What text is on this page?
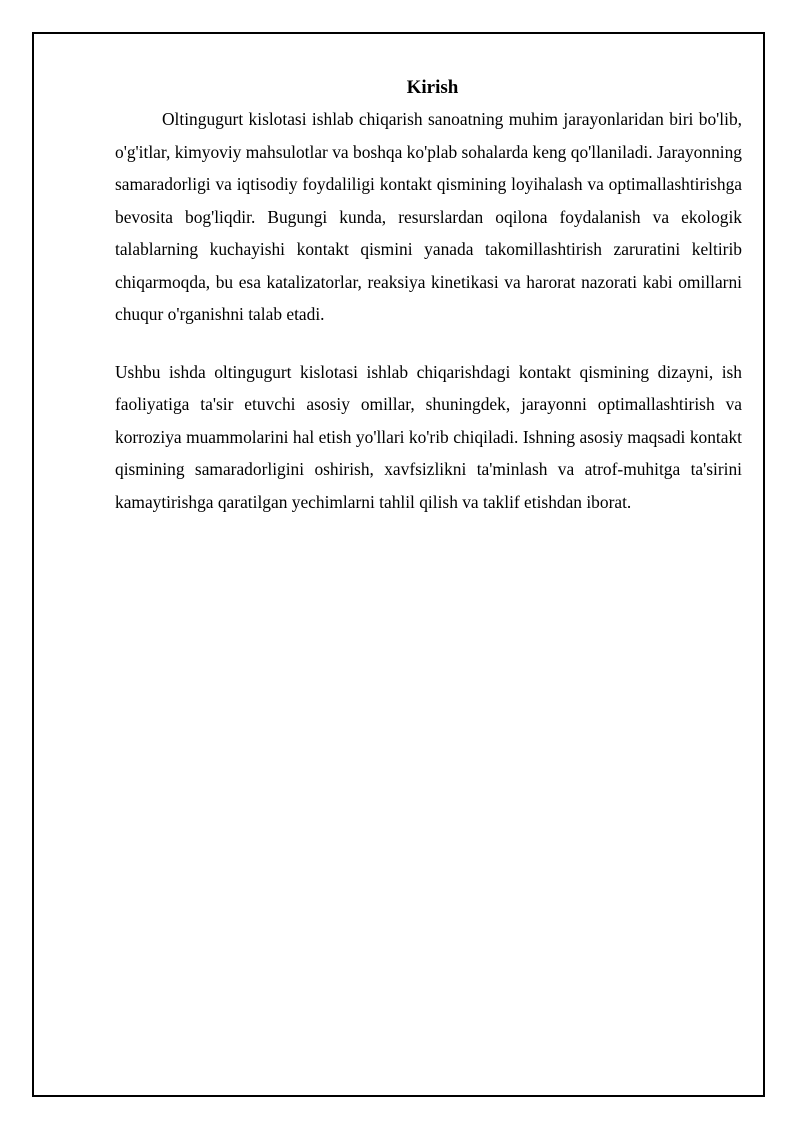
Kirish

Oltingugurt kislotasi ishlab chiqarish sanoatning muhim jarayonlaridan biri bo'lib, o'g'itlar, kimyoviy mahsulotlar va boshqa ko'plab sohalarda keng qo'llaniladi. Jarayonning samaradorligi va iqtisodiy foydaliligi kontakt qismining loyihalash va optimallashtirishga bevosita bog'liqdir. Bugungi kunda, resurslardan oqilona foydalanish va ekologik talablarning kuchayishi kontakt qismini yanada takomillashtirish zaruratini keltirib chiqarmoqda, bu esa katalizatorlar, reaksiya kinetikasi va harorat nazorati kabi omillarni chuqur o'rganishni talab etadi.

Ushbu ishda oltingugurt kislotasi ishlab chiqarishdagi kontakt qismining dizayni, ish faoliyatiga ta'sir etuvchi asosiy omillar, shuningdek, jarayonni optimallashtirish va korroziya muammolarini hal etish yo'llari ko'rib chiqiladi. Ishning asosiy maqsadi kontakt qismining samaradorligini oshirish, xavfsizlikni ta'minlash va atrof-muhitga ta'sirini kamaytirishga qaratilgan yechimlarni tahlil qilish va taklif etishdan iborat.
